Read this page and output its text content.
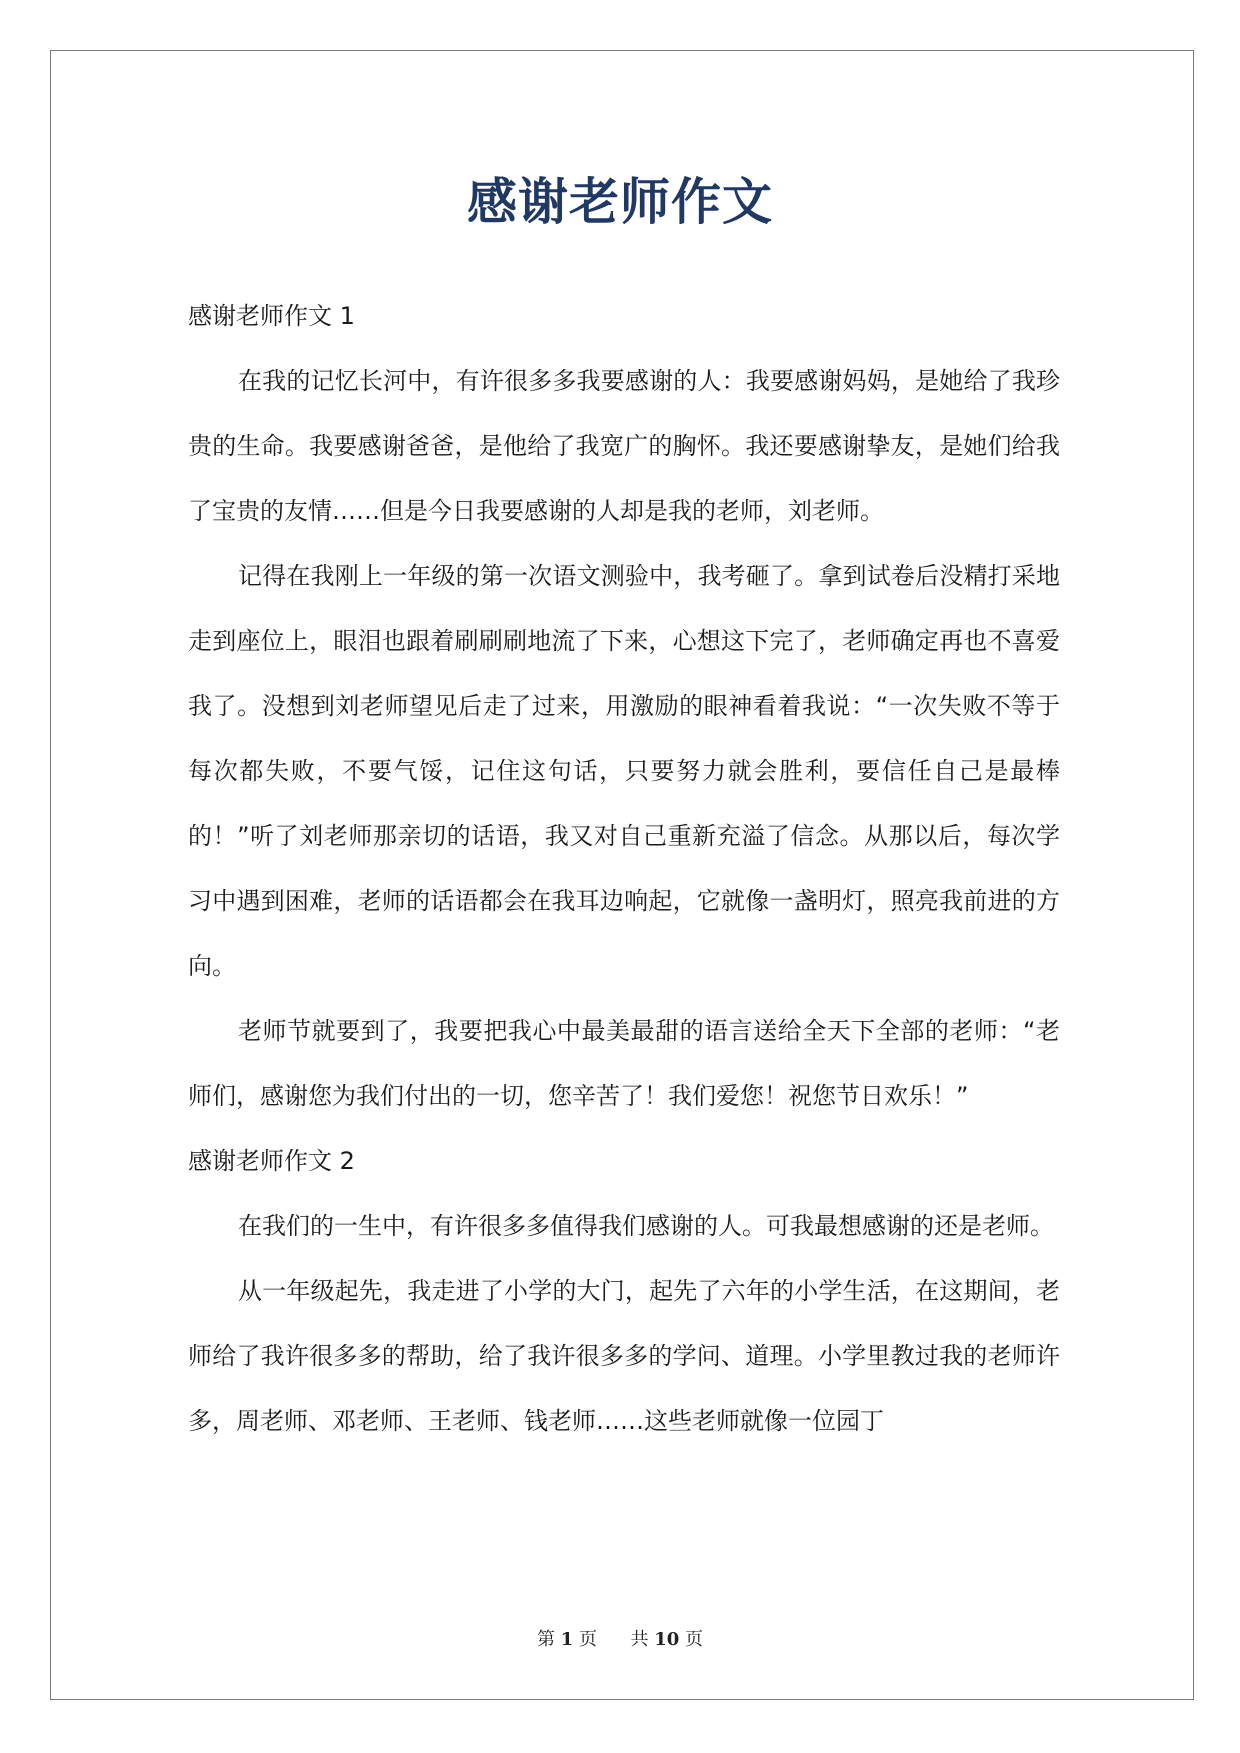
感谢老师作文

感谢老师作文 1

在我的记忆长河中，有许很多多我要感谢的人：我要感谢妈妈，是她给了我珍贵的生命。我要感谢爸爸，是他给了我宽广的胸怀。我还要感谢挚友，是她们给我了宝贵的友情……但是今日我要感谢的人却是我的老师，刘老师。

记得在我刚上一年级的第一次语文测验中，我考砸了。拿到试卷后没精打采地走到座位上，眼泪也跟着刷刷刷地流了下来，心想这下完了，老师确定再也不喜爱我了。没想到刘老师望见后走了过来，用激励的眼神看着我说：“一次失败不等于每次都失败，不要气馁，记住这句话，只要努力就会胜利，要信任自己是最棒的！”听了刘老师那亲切的话语，我又对自己重新充溢了信念。从那以后，每次学习中遇到困难，老师的话语都会在我耳边响起，它就像一盏明灯，照亮我前进的方向。

老师节就要到了，我要把我心中最美最甜的语言送给全天下全部的老师：“老师们，感谢您为我们付出的一切，您辛苦了！我们爱您！祝您节日欢乐！”

感谢老师作文 2

在我们的一生中，有许很多多值得我们感谢的人。可我最想感谢的还是老师。

从一年级起先，我走进了小学的大门，起先了六年的小学生活，在这期间，老师给了我许很多多的帮助，给了我许很多多的学问、道理。小学里教过我的老师许多，周老师、邓老师、王老师、钱老师……这些老师就像一位园丁

第 1 页 共 10 页
